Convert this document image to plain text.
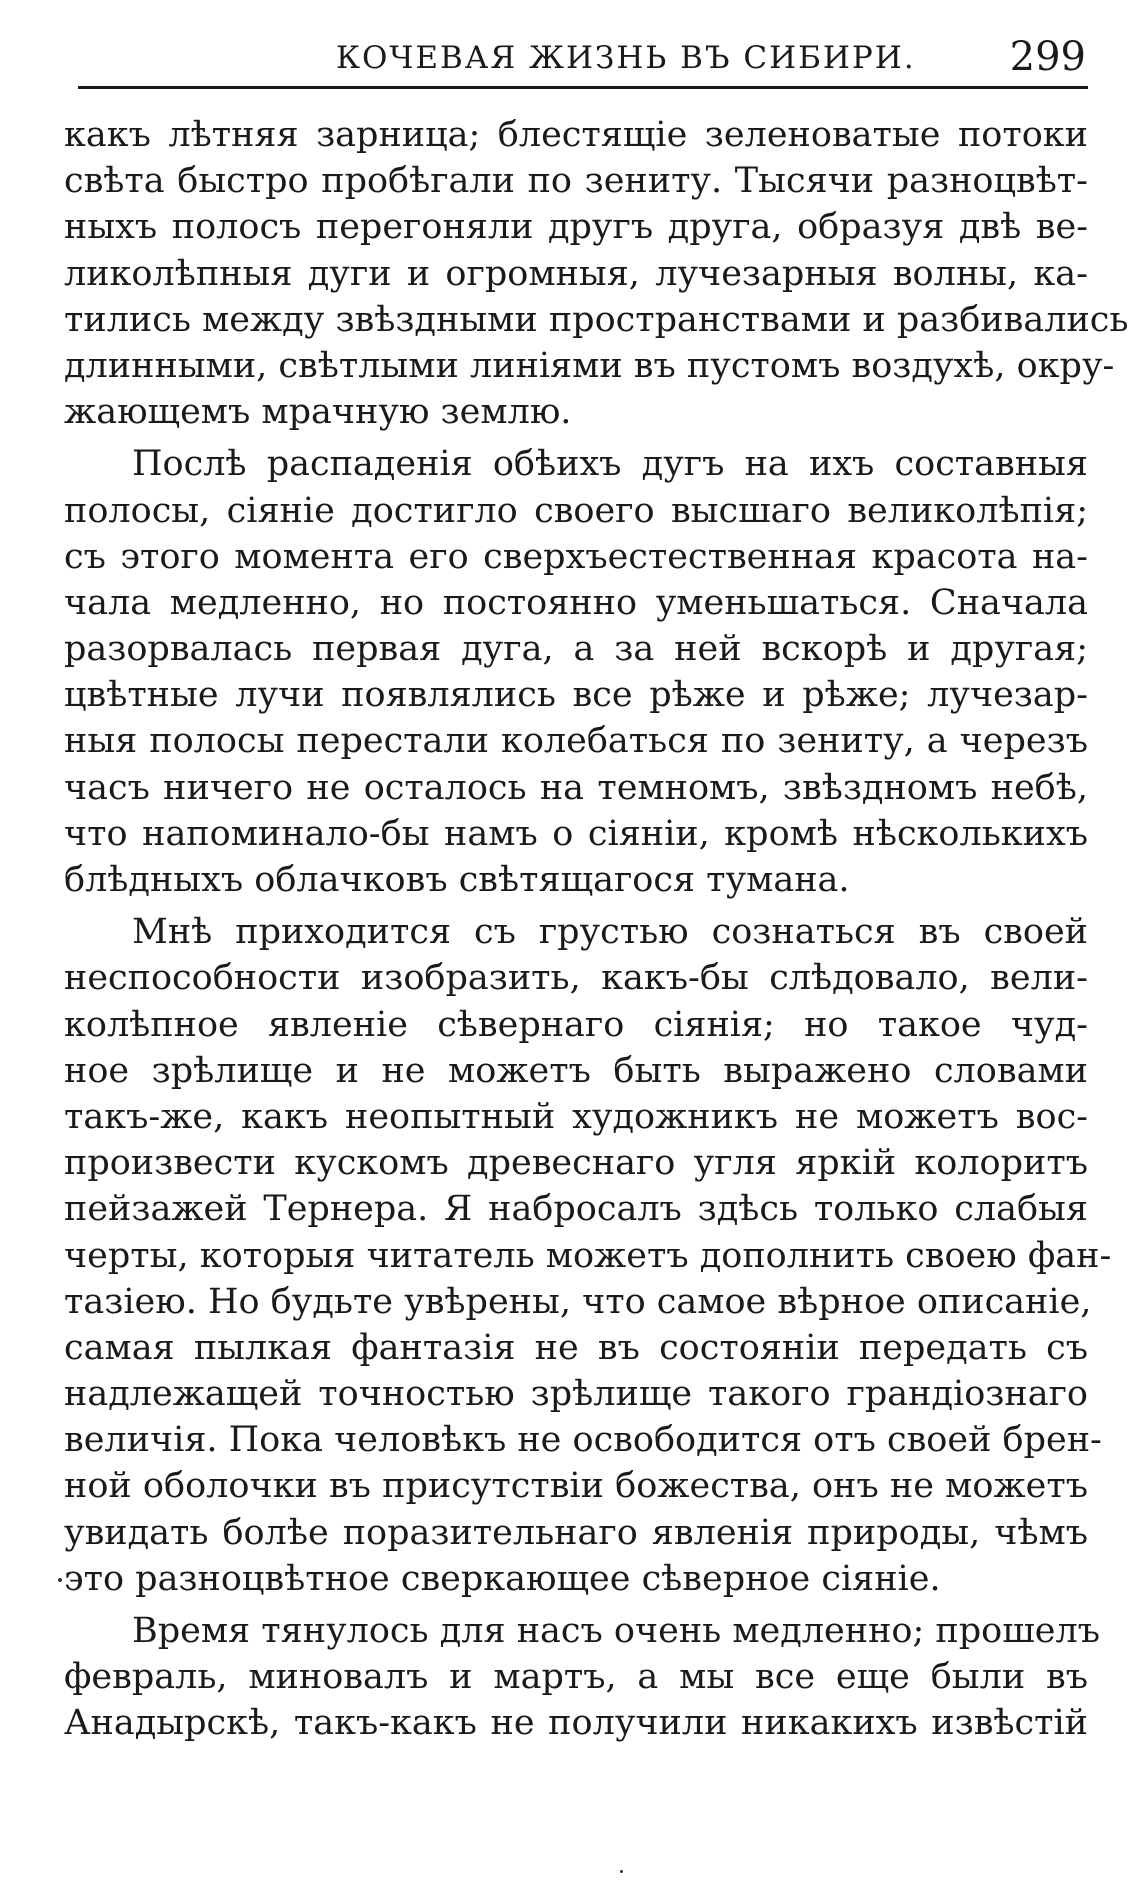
КОЧЕВАЯ ЖИЗНЬ ВЪ СИБИРИ. 299
какъ лѣтняя зарница; блестящіе зеленоватые потоки
свѣта быстро пробѣгали по зениту. Тысячи разноцвѣт-
ныхъ полосъ перегоняли другъ друга, образуя двѣ ве-
ликолѣпныя дуги и огромныя, лучезарныя волны, ка-
тились между звѣздными пространствами и разбивались
длинными, свѣтлыми линіями въ пустомъ воздухѣ, окру-
жающемъ мрачную землю.
Послѣ распаденія обѣихъ дугъ на ихъ составныя
полосы, сіяніе достигло своего высшаго великолѣпія;
съ этого момента его сверхъестественная красота на-
чала медленно, но постоянно уменьшаться. Сначала
разорвалась первая дуга, а за ней вскорѣ и другая;
цвѣтные лучи появлялись все рѣже и рѣже; лучезар-
ныя полосы перестали колебаться по зениту, а черезъ
часъ ничего не осталось на темномъ, звѣздномъ небѣ,
что напоминало-бы намъ о сіяніи, кромѣ нѣсколькихъ
блѣдныхъ облачковъ свѣтящагося тумана.
Мнѣ приходится съ грустью сознаться въ своей
неспособности изобразить, какъ-бы слѣдовало, вели-
колѣпное явленіе сѣвернаго сіянія; но такое чуд-
ное зрѣлище и не можетъ быть выражено словами
такъ-же, какъ неопытный художникъ не можетъ вос-
произвести кускомъ древеснаго угля яркій колоритъ
пейзажей Тернера. Я набросалъ здѣсь только слабыя
черты, которыя читатель можетъ дополнить своею фан-
тазіею. Но будьте увѣрены, что самое вѣрное описаніе,
самая пылкая фантазія не въ состояніи передать съ
надлежащей точностью зрѣлище такого грандіознаго
величія. Пока человѣкъ не освободится отъ своей брен-
ной оболочки въ присутствіи божества, онъ не можетъ
увидать болѣе поразительнаго явленія природы, чѣмъ
это разноцвѣтное сверкающее сѣверное сіяніе.
Время тянулось для насъ очень медленно; прошелъ
февраль, миновалъ и мартъ, а мы все еще были въ
Анадырскѣ, такъ-какъ не получили никакихъ извѣстій
